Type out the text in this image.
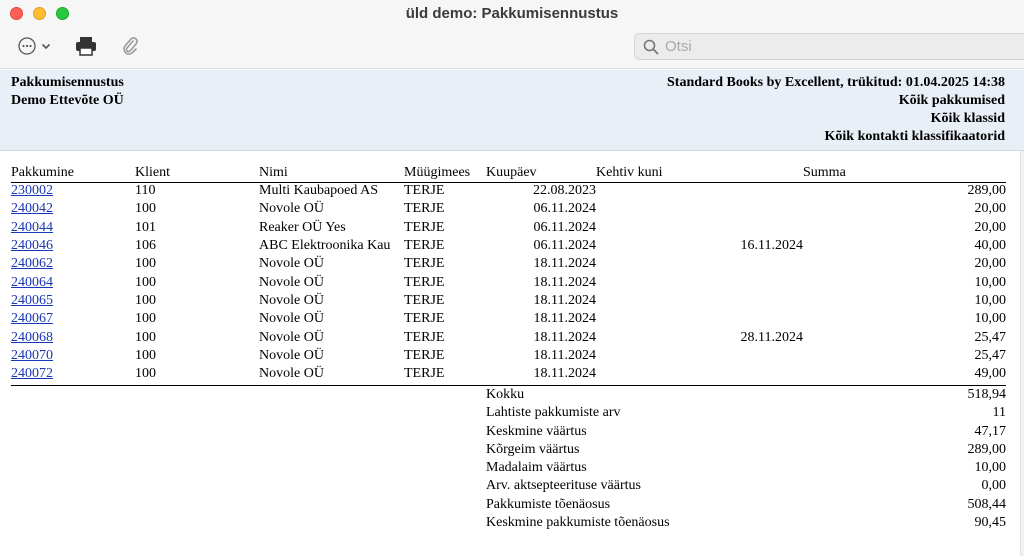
üld demo: Pakkumisennustus
Otsi
Pakkumisennustus
Demo Ettevõte OÜ
Standard Books by Excellent, trükitud: 01.04.2025 14:38
Kõik pakkumised
Kõik klassid
Kõik kontakti klassifikaatorid
Pakkumine	Klient	Nimi	Müügimees	Kuupäev	Kehtiv kuni	Summa
230002	110	Multi Kaubapoed AS	TERJE	22.08.2023		289,00
240042	100	Novole OÜ	TERJE	06.11.2024		20,00
240044	101	Reaker OÜ Yes	TERJE	06.11.2024		20,00
240046	106	ABC Elektroonika Kau	TERJE	06.11.2024	16.11.2024	40,00
240062	100	Novole OÜ	TERJE	18.11.2024		20,00
240064	100	Novole OÜ	TERJE	18.11.2024		10,00
240065	100	Novole OÜ	TERJE	18.11.2024		10,00
240067	100	Novole OÜ	TERJE	18.11.2024		10,00
240068	100	Novole OÜ	TERJE	18.11.2024	28.11.2024	25,47
240070	100	Novole OÜ	TERJE	18.11.2024		25,47
240072	100	Novole OÜ	TERJE	18.11.2024		49,00
Kokku	518,94
Lahtiste pakkumiste arv	11
Keskmine väärtus	47,17
Kõrgeim väärtus	289,00
Madalaim väärtus	10,00
Arv. aktsepteerituse väärtus	0,00
Pakkumiste tõenäosus	508,44
Keskmine pakkumiste tõenäosus	90,45
